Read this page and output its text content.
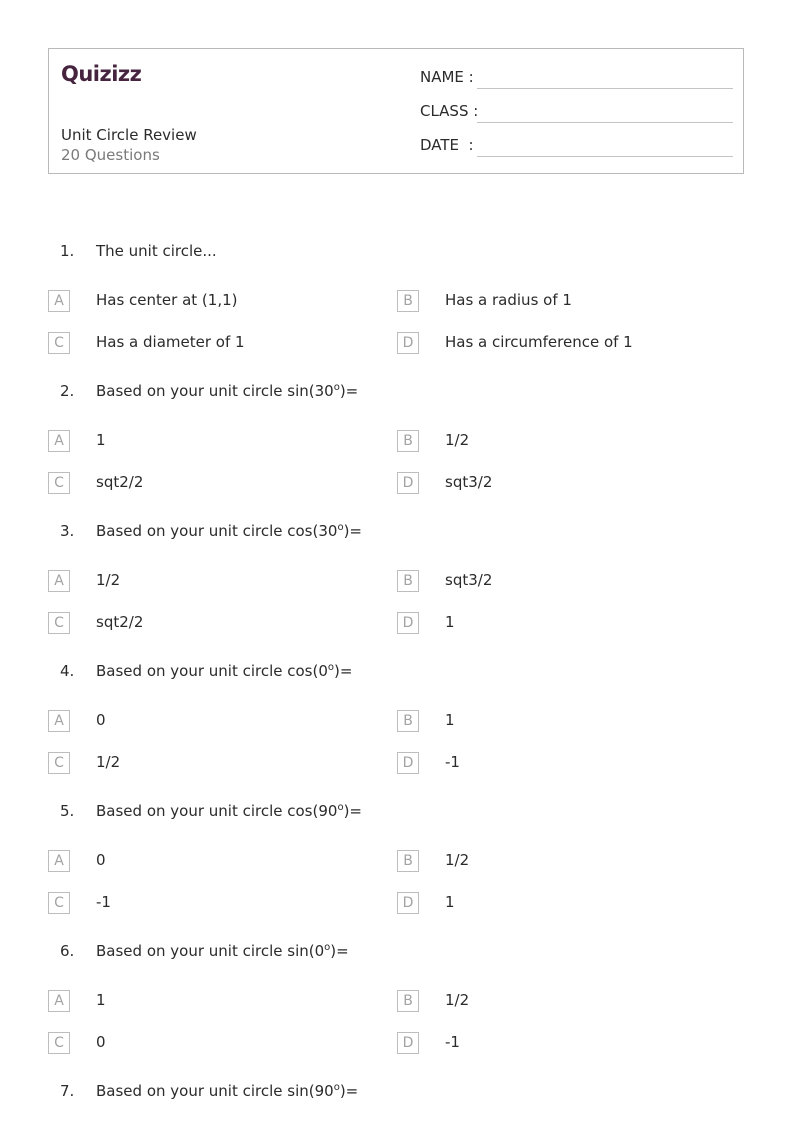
Quizizz
Unit Circle Review
20 Questions
NAME :
CLASS :
DATE  :
1. The unit circle...
A	Has center at (1,1)	B	Has a radius of 1
C	Has a diameter of 1	D	Has a circumference of 1
2. Based on your unit circle $\sin(30^o)=$
A	1	B	1/2
C	sqt2/2	D	sqt3/2
3. Based on your unit circle $\cos(30^o)=$
A	1/2	B	sqt3/2
C	sqt2/2	D	1
4. Based on your unit circle $\cos(0^o)=$
A	0	B	1
C	1/2	D	-1
5. Based on your unit circle $\cos(90^o)=$
A	0	B	1/2
C	-1	D	1
6. Based on your unit circle $\sin(0^o)=$
A	1	B	1/2
C	0	D	-1
7. Based on your unit circle $\sin(90^o)=$
